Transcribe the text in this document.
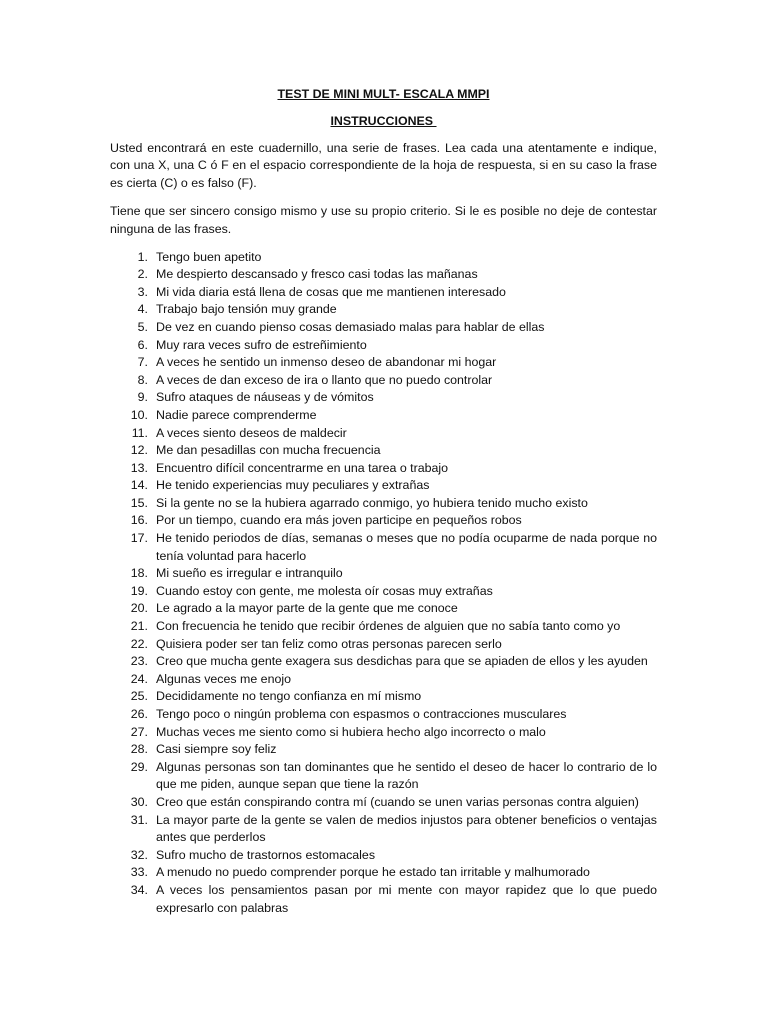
TEST DE MINI MULT- ESCALA MMPI

INSTRUCCIONES

Usted encontrará en este cuadernillo, una serie de frases. Lea cada una atentamente e indique, con una X, una C ó F en el espacio correspondiente de la hoja de respuesta, si en su caso la frase es cierta (C) o es falso (F).

Tiene que ser sincero consigo mismo y use su propio criterio. Si le es posible no deje de contestar ninguna de las frases.

1. Tengo buen apetito
2. Me despierto descansado y fresco casi todas las mañanas
3. Mi vida diaria está llena de cosas que me mantienen interesado
4. Trabajo bajo tensión muy grande
5. De vez en cuando pienso cosas demasiado malas para hablar de ellas
6. Muy rara veces sufro de estreñimiento
7. A veces he sentido un inmenso deseo de abandonar mi hogar
8. A veces de dan exceso de ira o llanto que no puedo controlar
9. Sufro ataques de náuseas y de vómitos
10. Nadie parece comprenderme
11. A veces siento deseos de maldecir
12. Me dan pesadillas con mucha frecuencia
13. Encuentro difícil concentrarme en una tarea o trabajo
14. He tenido experiencias muy peculiares y extrañas
15. Si la gente no se la hubiera agarrado conmigo, yo hubiera tenido mucho existo
16. Por un tiempo, cuando era más joven participe en pequeños robos
17. He tenido periodos de días, semanas o meses que no podía ocuparme de nada porque no tenía voluntad para hacerlo
18. Mi sueño es irregular e intranquilo
19. Cuando estoy con gente, me molesta oír cosas muy extrañas
20. Le agrado a la mayor parte de la gente que me conoce
21. Con frecuencia he tenido que recibir órdenes de alguien que no sabía tanto como yo
22. Quisiera poder ser tan feliz como otras personas parecen serlo
23. Creo que mucha gente exagera sus desdichas para que se apiaden de ellos y les ayuden
24. Algunas veces me enojo
25. Decididamente no tengo confianza en mí mismo
26. Tengo poco o ningún problema con espasmos o contracciones musculares
27. Muchas veces me siento como si hubiera hecho algo incorrecto o malo
28. Casi siempre soy feliz
29. Algunas personas son tan dominantes que he sentido el deseo de hacer lo contrario de lo que me piden, aunque sepan que tiene la razón
30. Creo que están conspirando contra mí (cuando se unen varias personas contra alguien)
31. La mayor parte de la gente se valen de medios injustos para obtener beneficios o ventajas antes que perderlos
32. Sufro mucho de trastornos estomacales
33. A menudo no puedo comprender porque he estado tan irritable y malhumorado
34. A veces los pensamientos pasan por mi mente con mayor rapidez que lo que puedo expresarlo con palabras
